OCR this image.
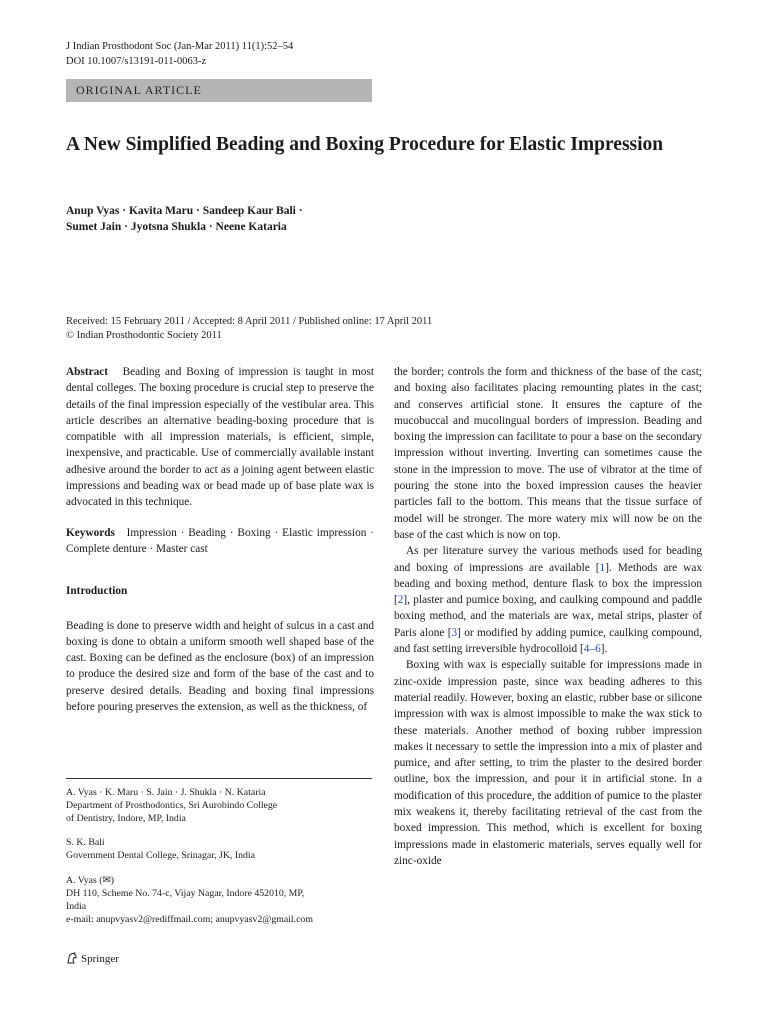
J Indian Prosthodont Soc (Jan-Mar 2011) 11(1):52–54
DOI 10.1007/s13191-011-0063-z
ORIGINAL ARTICLE
A New Simplified Beading and Boxing Procedure for Elastic Impression
Anup Vyas · Kavita Maru · Sandeep Kaur Bali ·
Sumet Jain · Jyotsna Shukla · Neene Kataria
Received: 15 February 2011 / Accepted: 8 April 2011 / Published online: 17 April 2011
© Indian Prosthodontic Society 2011

Abstract Beading and Boxing of impression is taught in most dental colleges. The boxing procedure is crucial step to preserve the details of the final impression especially of the vestibular area. This article describes an alternative beading-boxing procedure that is compatible with all impression materials, is efficient, simple, inexpensive, and practicable. Use of commercially available instant adhesive around the border to act as a joining agent between elastic impressions and beading wax or bead made up of base plate wax is advocated in this technique.

Keywords Impression · Beading · Boxing · Elastic impression · Complete denture · Master cast

Introduction

Beading is done to preserve width and height of sulcus in a cast and boxing is done to obtain a uniform smooth well shaped base of the cast. Boxing can be defined as the enclosure (box) of an impression to produce the desired size and form of the base of the cast and to preserve desired details. Beading and boxing final impressions before pouring preserves the extension, as well as the thickness, of

the border; controls the form and thickness of the base of the cast; and boxing also facilitates placing remounting plates in the cast; and conserves artificial stone. It ensures the capture of the mucobuccal and mucolingual borders of impression. Beading and boxing the impression can facilitate to pour a base on the secondary impression without inverting. Inverting can sometimes cause the stone in the impression to move. The use of vibrator at the time of pouring the stone into the boxed impression causes the heavier particles fall to the bottom. This means that the tissue surface of model will be stronger. The more watery mix will now be on the base of the cast which is now on top.

As per literature survey the various methods used for beading and boxing of impressions are available [1]. Methods are wax beading and boxing method, denture flask to box the impression [2], plaster and pumice boxing, and caulking compound and paddle boxing method, and the materials are wax, metal strips, plaster of Paris alone [3] or modified by adding pumice, caulking compound, and fast setting irreversible hydrocolloid [4–6].

Boxing with wax is especially suitable for impressions made in zinc-oxide impression paste, since wax beading adheres to this material readily. However, boxing an elastic, rubber base or silicone impression with wax is almost impossible to make the wax stick to these materials. Another method of boxing rubber impression makes it necessary to settle the impression into a mix of plaster and pumice, and after setting, to trim the plaster to the desired border outline, box the impression, and pour it in artificial stone. In a modification of this procedure, the addition of pumice to the plaster mix weakens it, thereby facilitating retrieval of the cast from the boxed impression. This method, which is excellent for boxing impressions made in elastomeric materials, serves equally well for zinc-oxide

A. Vyas · K. Maru · S. Jain · J. Shukla · N. Kataria

Department of Prosthodontics, Sri Aurobindo College

of Dentistry, Indore, MP, India

S. K. Bali

Government Dental College, Srinagar, JK, India

A. Vyas (✉)

DH 110, Scheme No. 74-c, Vijay Nagar, Indore 452010, MP,

India

e-mail: anupvyasv2@rediffmail.com; anupvyasv2@gmail.com

Springer
